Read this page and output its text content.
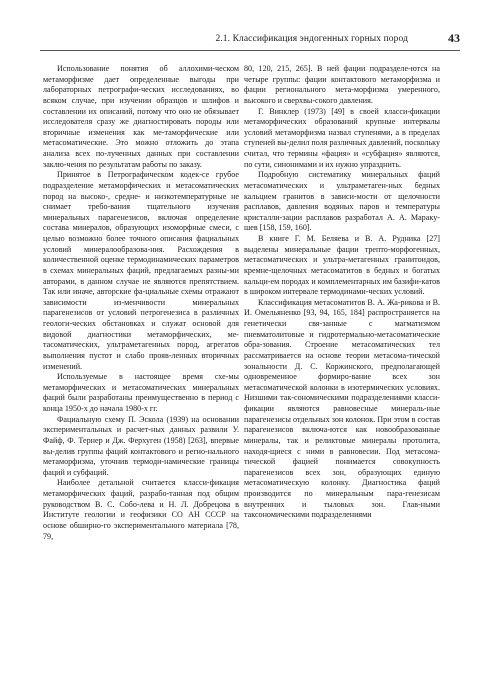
2.1. Классификация эндогенных горных пород	43

Использование понятия об аллохими-ческом метаморфизме дает определенные выгоды при лабораторных петрографи-ческих исследованиях, во всяком случае, при изучении образцов и шлифов и составлении их описаний, потому что оно не обязывает исследователя сразу же диагностировать породы или вторичные изменения как ме-таморфические или метасоматические. Это можно отложить до этапа анализа всех по-лученных данных при составлении заклю-чения по результатам работы по заказу.

Принятое в Петрографическом кодек-се грубое подразделение метаморфических и метасоматических пород на высоко-, средне- и низкотемпературные не снимает требо-вания тщательного изучения минеральных парагенезисов, включая определение состава минералов, образующих изоморфные смеси, с целью возможно более точного описания фациальных условий минералообразова-ния. Расхождения в количественной оценке термодинамических параметров в схемах минеральных фаций, предлагаемых разны-ми авторами, в данном случае не являются препятствием. Так или иначе, авторские фа-циальные схемы отражают зависимости из-менчивости минеральных парагенезисов от условий петрогенезиса в различных геологи-ческих обстановках и служат основой для видовой диагностики метаморфических, ме-тасоматических, ультраметагенных пород, агрегатов выполнения пустот и слабо прояв-ленных вторичных изменений.

Используемые в настоящее время схе-мы метаморфических и метасоматических минеральных фаций были разработаны преимущественно в период с конца 1950-х до начала 1980-х гг.

Фациальную схему П. Эскола (1939) на основании экспериментальных и расчет-ных данных развили У. Файф, Ф. Тернер и Дж. Ферхуген (1958) [263], впервые вы-делив группы фаций контактового и регио-нального метаморфизма, уточнив термоди-намические границы фаций и субфаций.

Наиболее детальной считается класси-фикация метаморфических фаций, разрабо-танная под общим руководством В. С. Собо-лева и Н. Л. Добрецова в Институте геологии и геофизики СО АН СССР на основе обширно-го экспериментального материала [78, 79,

80, 120, 215, 265]. В ней фации подразделе-ются на четыре группы: фации контактового метаморфизма и фации регионального мета-морфизма умеренного, высокого и сверхвы-сокого давления.

Г. Винклер (1973) [49] в своей класси-фикации метаморфических образований крупные интервалы условий метаморфизма назвал ступенями, а в пределах ступеней вы-делил поля различных давлений, поскольку считал, что термины «фация» и «субфация» являются, по сути, синонимами и их нужно упразднить.

Подробную систематику минеральных фаций метасоматических и ультраметаген-ных бедных кальцием гранитов в зависи-мости от щелочности расплавов, давления водяных паров и температуры кристалли-зации расплавов разработал А. А. Маракy-шев [158, 159, 160].

В книге Г. М. Беляева и В. А. Рудника [27] выделены минеральные фации трепто-морфогенных, метасоматических и ультра-метагенных гранитоидов, кремне-щелочных метасоматитов в бедных и богатых кальци-ем породах и комплементарных им базифи-катов в широком интервале термодинами-ческих условий.

Классификация метасоматитов В. А. Жа-рикова и В. И. Омельяненко [93, 94, 165, 184] распространяется на генетически свя-занные с магматизмом пневматолитовые и гидротермально-метасоматические обра-зования. Строение метасоматических тел рассматривается на основе теории метасома-тической зональности Д. С. Коржинского, предполагающей одновременное формиро-вание всех зон метасоматической колонки в изотермических условиях. Низшими так-сономическими подразделениями класси-фикации являются равновесные минераль-ные парагенезисы отдельных зон колонок. При этом в состав парагенезисов включа-ются как новообразованные минералы, так и реликтовые минералы протолита, находя-щиеся с ними в равновесии. Под метасома-тической фацией понимается совокупность парагенезисов всех зон, образующих единую метасоматическую колонку. Диагностика фаций производится по минеральным пара-генезисам внутренних и тыловых зон. Глав-ными таксономическими подразделениями
